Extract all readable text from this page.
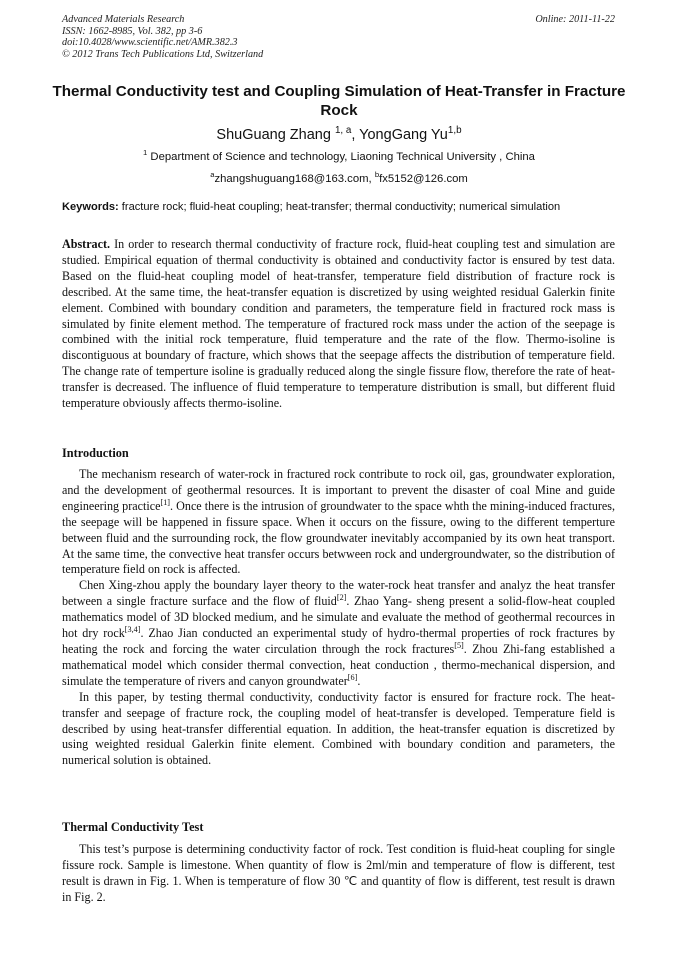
Advanced Materials Research
ISSN: 1662-8985, Vol. 382, pp 3-6
doi:10.4028/www.scientific.net/AMR.382.3
© 2012 Trans Tech Publications Ltd, Switzerland
Online: 2011-11-22
Thermal Conductivity test and Coupling Simulation of Heat-Transfer in Fracture Rock
ShuGuang Zhang $^{1, a}$, YongGang Yu$^{1,b}$
$^1$ Department of Science and technology, Liaoning Technical University , China
$^a$zhangshuguang168@163.com, $^b$fx5152@126.com
Keywords: fracture rock; fluid-heat coupling; heat-transfer; thermal conductivity; numerical simulation
Abstract. In order to research thermal conductivity of fracture rock, fluid-heat coupling test and simulation are studied. Empirical equation of thermal conductivity is obtained and conductivity factor is ensured by test data. Based on the fluid-heat coupling model of heat-transfer, temperature field distribution of fracture rock is described. At the same time, the heat-transfer equation is discretized by using weighted residual Galerkin finite element. Combined with boundary condition and parameters, the temperature field in fractured rock mass is simulated by finite element method. The temperature of fractured rock mass under the action of the seepage is combined with the initial rock temperature, fluid temperature and the rate of the flow. Thermo-isoline is discontiguous at boundary of fracture, which shows that the seepage affects the distribution of temperature field. The change rate of temperture isoline is gradually reduced along the single fissure flow, therefore the rate of heat-transfer is decreased. The influence of fluid temperature to temperature distribution is small, but different fluid temperature obviously affects thermo-isoline.
Introduction

The mechanism research of water-rock in fractured rock contribute to rock oil, gas, groundwater exploration, and the development of geothermal resources. It is important to prevent the disaster of coal Mine and guide engineering practice[1]. Once there is the intrusion of groundwater to the space whth the mining-induced fractures, the seepage will be happened in fissure space. When it occurs on the fissure, owing to the different temperture between fluid and the surrounding rock, the flow groundwater inevitably accompanied by its own heat transport. At the same time, the convective heat transfer occurs betwween rock and undergroundwater, so the distribution of temperature field on rock is affected.

Chen Xing-zhou apply the boundary layer theory to the water-rock heat transfer and analyz the heat transfer between a single fracture surface and the flow of fluid[2]. Zhao Yang- sheng present a solid-flow-heat coupled mathematics model of 3D blocked medium, and he simulate and evaluate the method of geothermal recources in hot dry rock[3,4]. Zhao Jian conducted an experimental study of hydro-thermal properties of rock fractures by heating the rock and forcing the water circulation through the rock fractures[5]. Zhou Zhi-fang established a mathematical model which consider thermal convection, heat conduction , thermo-mechanical dispersion, and simulate the temperature of rivers and canyon groundwater[6].

In this paper, by testing thermal conductivity, conductivity factor is ensured for fracture rock. The heat-transfer and seepage of fracture rock, the coupling model of heat-transfer is developed. Temperature field is described by using heat-transfer differential equation. In addition, the heat-transfer equation is discretized by using weighted residual Galerkin finite element. Combined with boundary condition and parameters, the numerical solution is obtained.

Thermal Conductivity Test

This test’s purpose is determining conductivity factor of rock. Test condition is fluid-heat coupling for single fissure rock. Sample is limestone. When quantity of flow is 2ml/min and temperature of flow is different, test result is drawn in Fig. 1. When is temperature of flow 30 ℃ and quantity of flow is different, test result is drawn in Fig. 2.
